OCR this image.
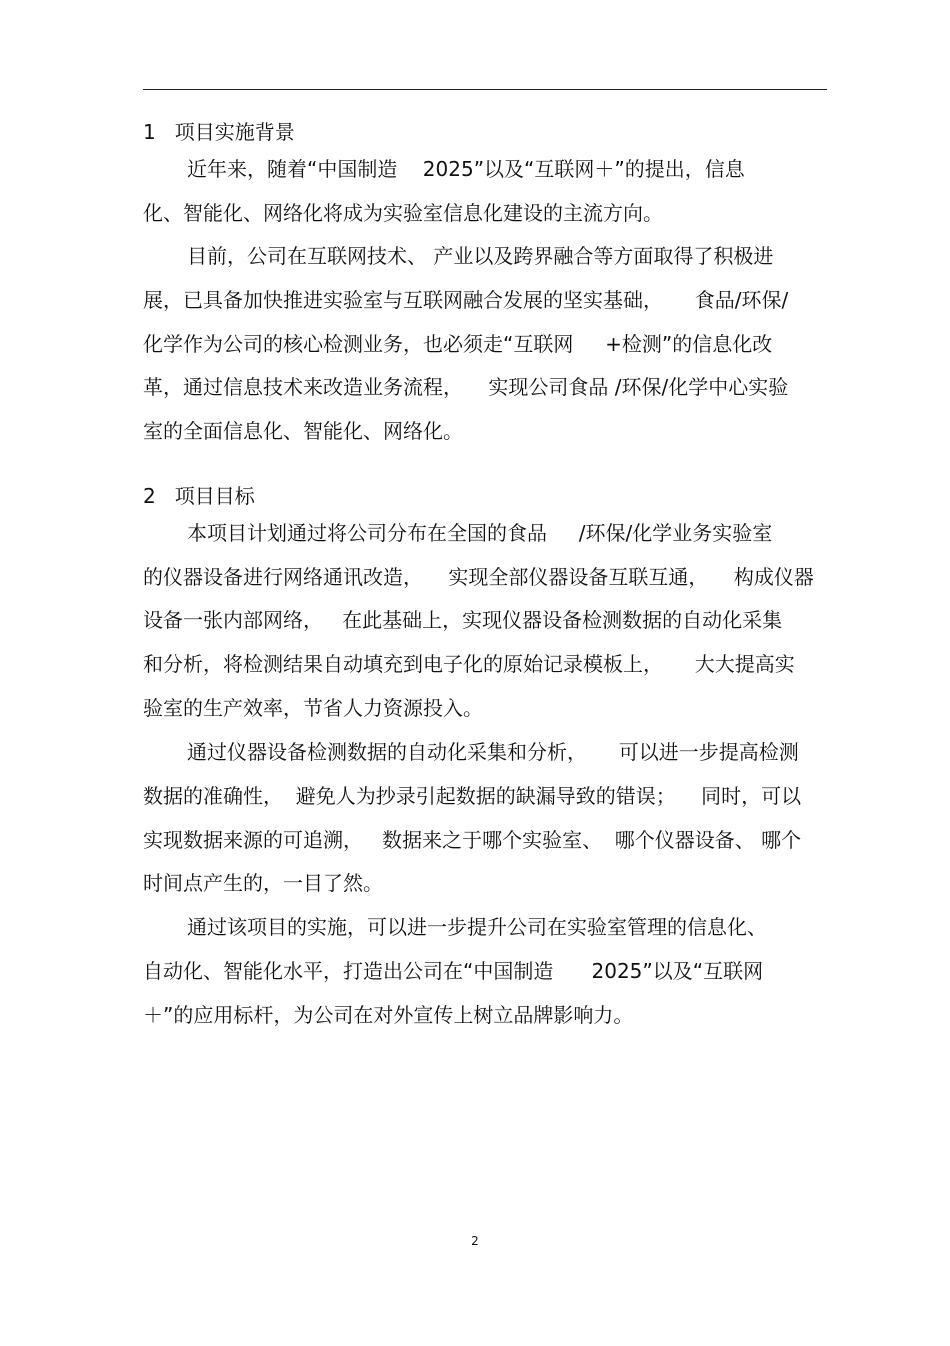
1   项目实施背景
近年来，随着“中国制造    2025”以及“互联网＋”的提出，信息
化、智能化、网络化将成为实验室信息化建设的主流方向。
目前，公司在互联网技术、 产业以及跨界融合等方面取得了积极进
展，已具备加快推进实验室与互联网融合发展的坚实基础，     食品/环保/
化学作为公司的核心检测业务，也必须走“互联网     +检测”的信息化改
革，通过信息技术来改造业务流程，    实现公司食品 /环保/化学中心实验
室的全面信息化、智能化、网络化。
2   项目目标
本项目计划通过将公司分布在全国的食品     /环保/化学业务实验室
的仪器设备进行网络通讯改造，    实现全部仪器设备互联互通，    构成仪器
设备一张内部网络，   在此基础上，实现仪器设备检测数据的自动化采集
和分析，将检测结果自动填充到电子化的原始记录模板上，     大大提高实
验室的生产效率，节省人力资源投入。
通过仪器设备检测数据的自动化采集和分析，     可以进一步提高检测
数据的准确性，  避免人为抄录引起数据的缺漏导致的错误；    同时，可以
实现数据来源的可追溯，   数据来之于哪个实验室、  哪个仪器设备、 哪个
时间点产生的，一目了然。
通过该项目的实施，可以进一步提升公司在实验室管理的信息化、
自动化、智能化水平，打造出公司在“中国制造      2025”以及“互联网
＋”的应用标杆，为公司在对外宣传上树立品牌影响力。
2
